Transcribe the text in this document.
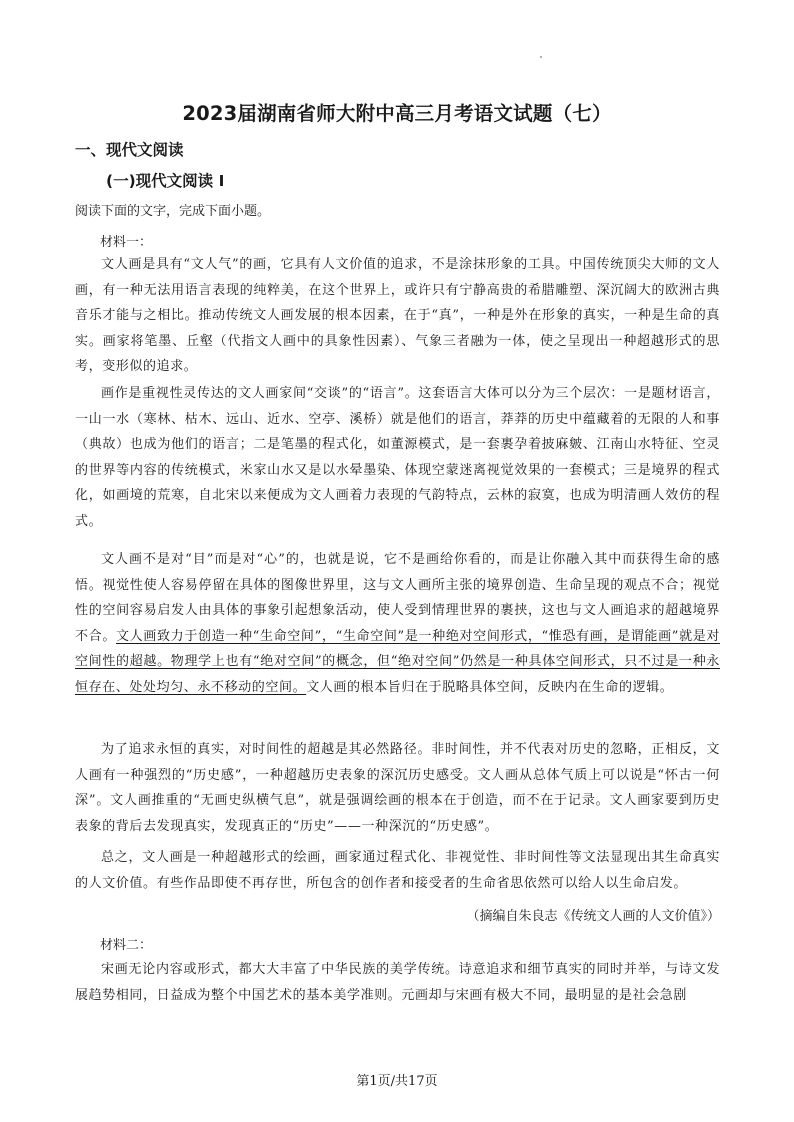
2023届湖南省师大附中高三月考语文试题（七）
一、现代文阅读
(一)现代文阅读 I
阅读下面的文字，完成下面小题。
材料一：
文人画是具有“文人气”的画，它具有人文价值的追求，不是涂抹形象的工具。中国传统顶尖大师的文人画，有一种无法用语言表现的纯粹美，在这个世界上，或许只有宁静高贵的希腊雕塑、深沉阔大的欧洲古典音乐才能与之相比。推动传统文人画发展的根本因素，在于“真”，一种是外在形象的真实，一种是生命的真实。画家将笔墨、丘壑（代指文人画中的具象性因素）、气象三者融为一体，使之呈现出一种超越形式的思考，变形似的追求。
画作是重视性灵传达的文人画家间“交谈”的“语言”。这套语言大体可以分为三个层次：一是题材语言，一山一水（寒林、枯木、远山、近水、空亭、溪桥）就是他们的语言，莽莽的历史中蕴藏着的无限的人和事（典故）也成为他们的语言；二是笔墨的程式化，如董源模式，是一套裹孕着披麻皴、江南山水特征、空灵的世界等内容的传统模式，米家山水又是以水晕墨染、体现空蒙迷离视觉效果的一套模式；三是境界的程式化，如画境的荒寒，自北宋以来便成为文人画着力表现的气韵特点，云林的寂寞，也成为明清画人效仿的程式。
文人画不是对“目”而是对“心”的，也就是说，它不是画给你看的，而是让你融入其中而获得生命的感悟。视觉性使人容易停留在具体的图像世界里，这与文人画所主张的境界创造、生命呈现的观点不合；视觉性的空间容易启发人由具体的事象引起想象活动，使人受到情理世界的裹挟，这也与文人画追求的超越境界不合。文人画致力于创造一种“生命空间”，“生命空间”是一种绝对空间形式，“惟恐有画，是谓能画”就是对空间性的超越。物理学上也有“绝对空间”的概念，但“绝对空间”仍然是一种具体空间形式，只不过是一种永恒存在、处处均匀、永不移动的空间。文人画的根本旨归在于脱略具体空间，反映内在生命的逻辑。
为了追求永恒的真实，对时间性的超越是其必然路径。非时间性，并不代表对历史的忽略，正相反，文人画有一种强烈的“历史感”，一种超越历史表象的深沉历史感受。文人画从总体气质上可以说是“怀古一何深”。文人画推重的“无画史纵横气息”，就是强调绘画的根本在于创造，而不在于记录。文人画家要到历史表象的背后去发现真实，发现真正的“历史”——一种深沉的“历史感”。
总之，文人画是一种超越形式的绘画，画家通过程式化、非视觉性、非时间性等文法显现出其生命真实的人文价值。有些作品即使不再存世，所包含的创作者和接受者的生命省思依然可以给人以生命启发。
（摘编自朱良志《传统文人画的人文价值》）
材料二：
宋画无论内容或形式，都大大丰富了中华民族的美学传统。诗意追求和细节真实的同时并举，与诗文发展趋势相同，日益成为整个中国艺术的基本美学准则。元画却与宋画有极大不同，最明显的是社会急剧
第1页/共17页
